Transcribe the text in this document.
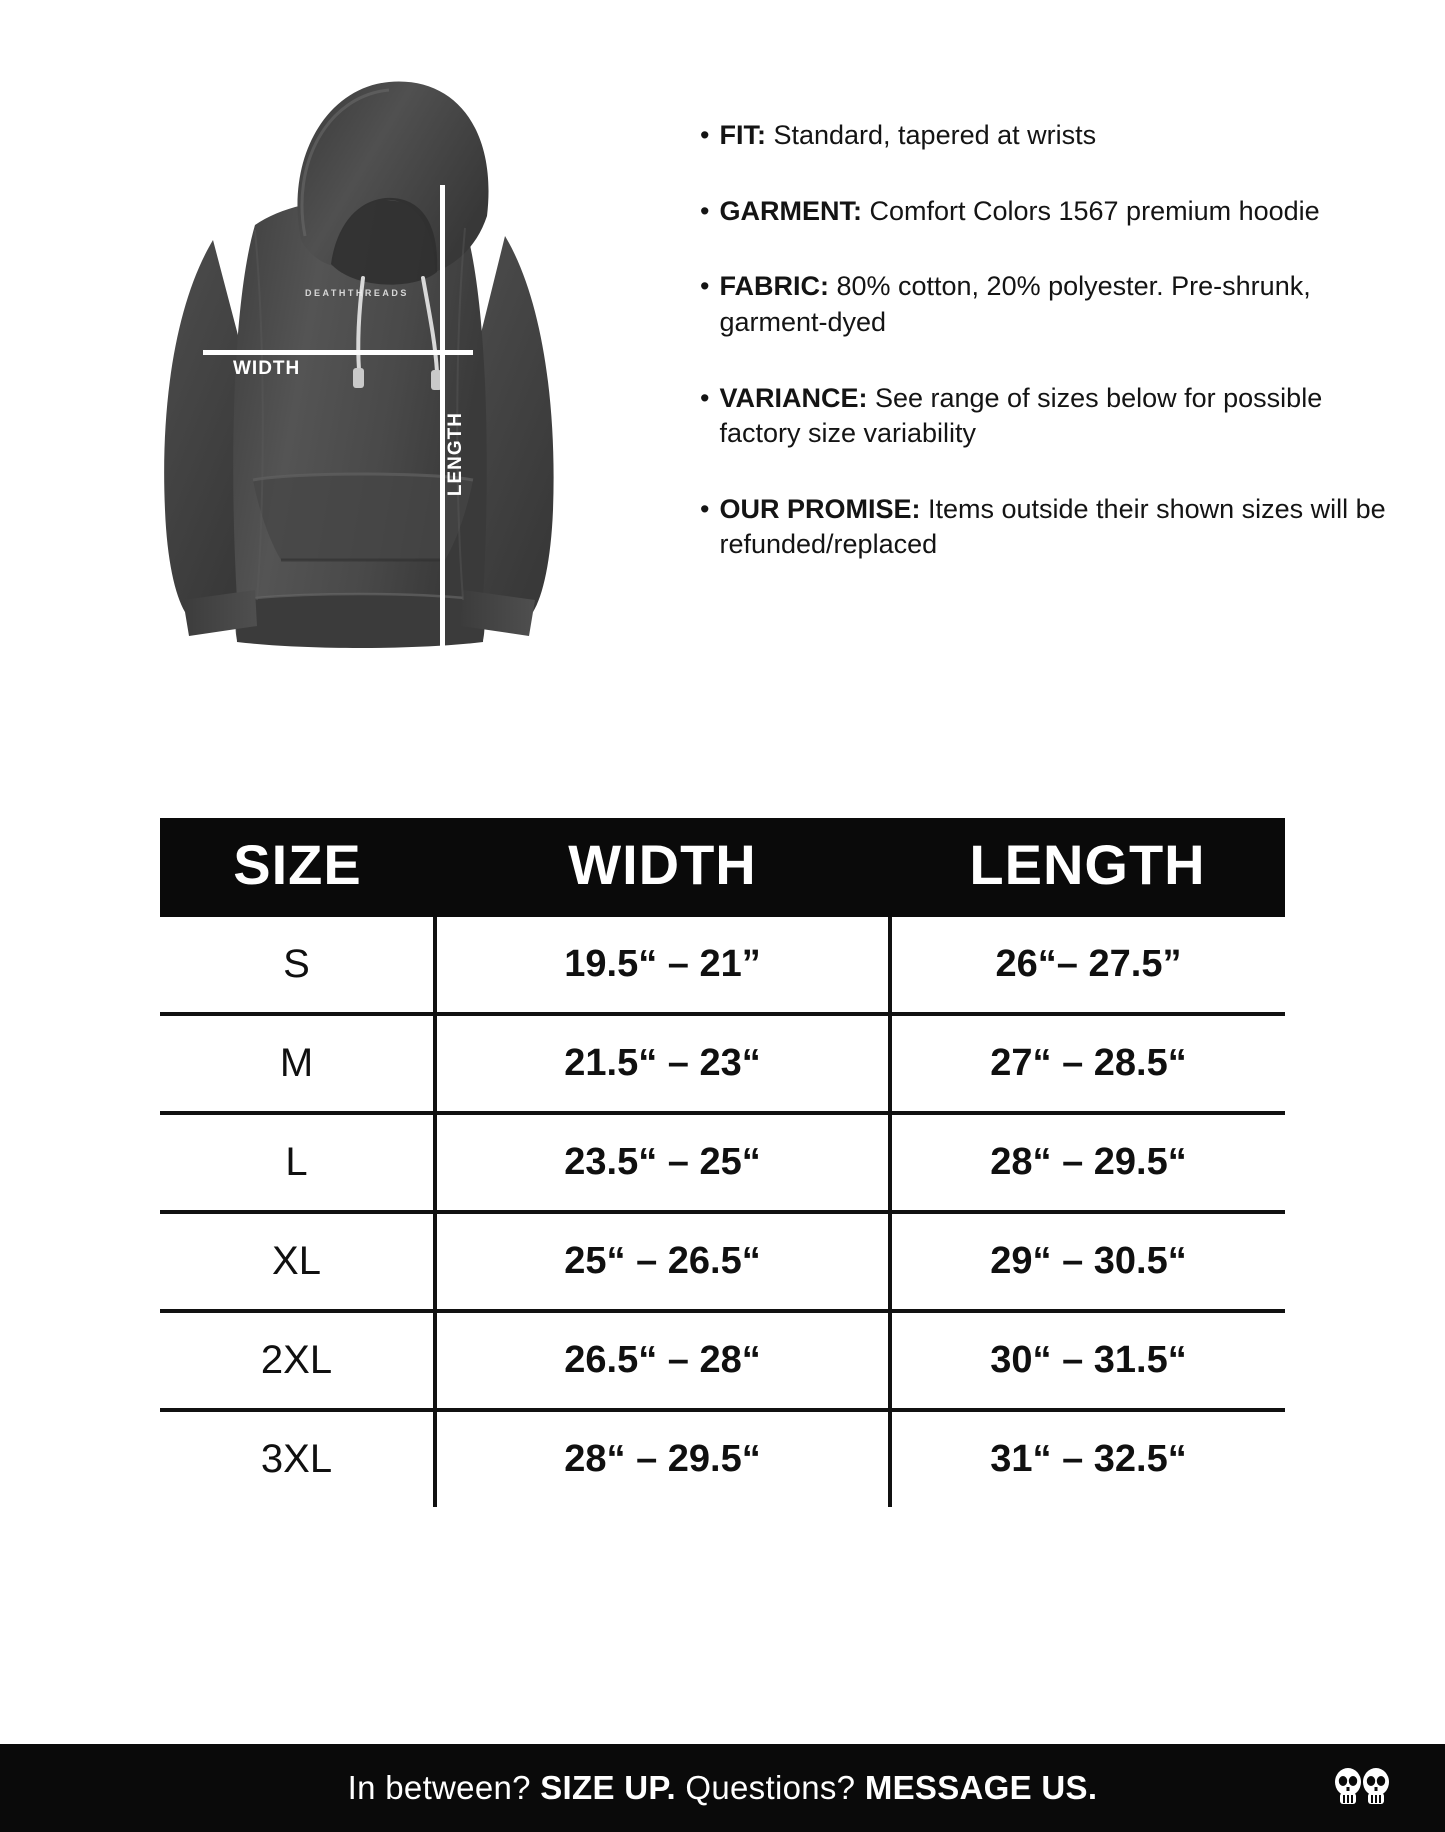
DEATHTHREADS
WIDTH
LENGTH
• FIT: Standard, tapered at wrists
• GARMENT: Comfort Colors 1567 premium hoodie
• FABRIC: 80% cotton, 20% polyester. Pre-shrunk, garment-dyed
• VARIANCE: See range of sizes below for possible factory size variability
• OUR PROMISE: Items outside their shown sizes will be refunded/replaced
SIZE	WIDTH	LENGTH
S	19.5“ – 21”	26“– 27.5”
M	21.5“ – 23“	27“ – 28.5“
L	23.5“ – 25“	28“ – 29.5“
XL	25“ – 26.5“	29“ – 30.5“
2XL	26.5“ – 28“	30“ – 31.5“
3XL	28“ – 29.5“	31“ – 32.5“
In between? SIZE UP. Questions? MESSAGE US.
